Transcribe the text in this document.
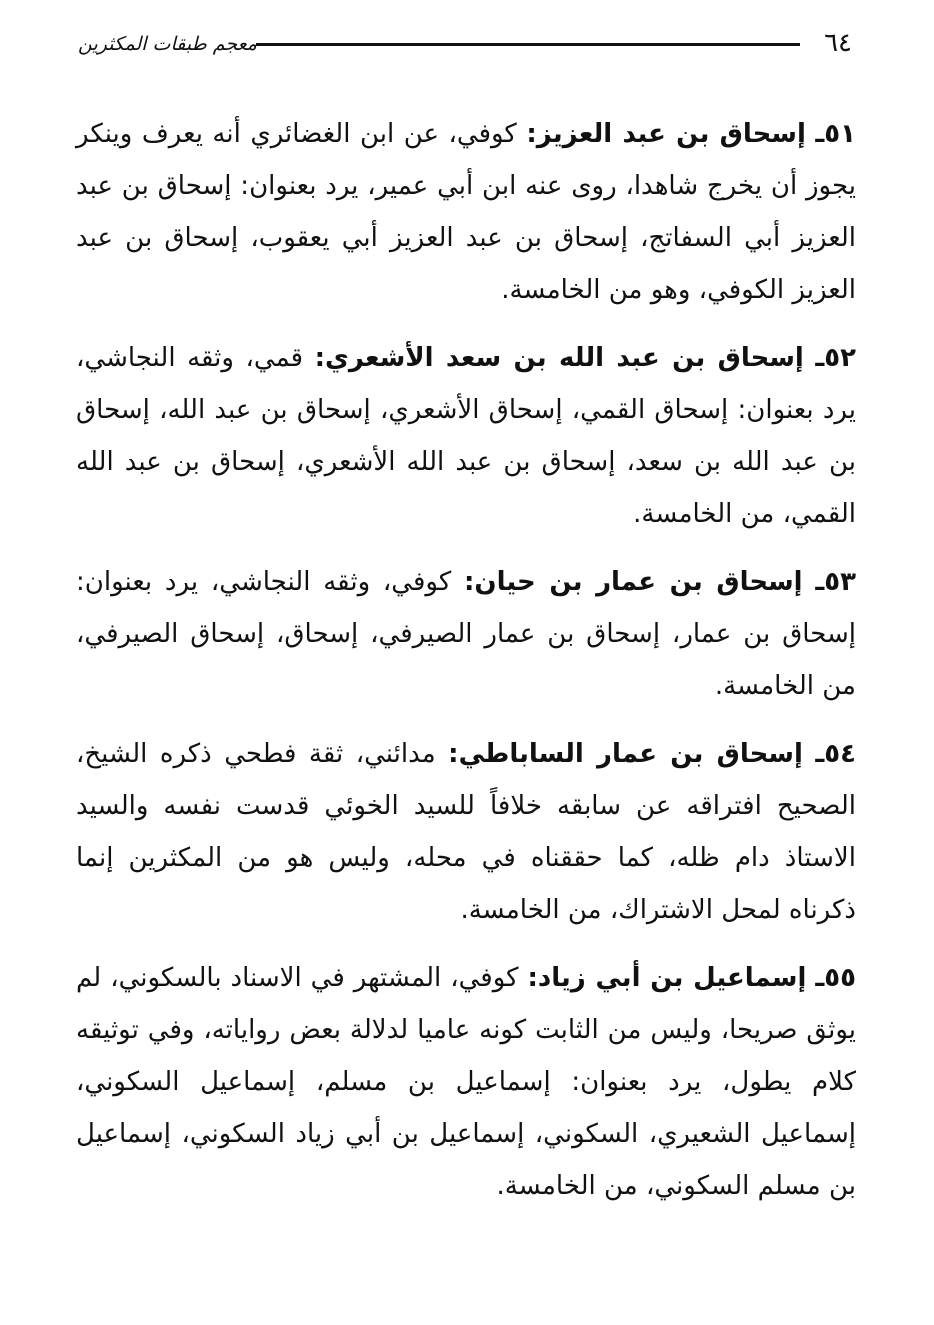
٦٤
معجم طبقات المكثرين

٥١ـ إسحاق بن عبد العزيز: كوفي، عن ابن الغضائري أنه يعرف وينكر يجوز أن يخرج شاهدا، روى عنه ابن أبي عمير، يرد بعنوان: إسحاق بن عبد العزيز أبي السفاتج، إسحاق بن عبد العزيز أبي يعقوب، إسحاق بن عبد العزيز الكوفي، وهو من الخامسة.

٥٢ـ إسحاق بن عبد الله بن سعد الأشعري: قمي، وثقه النجاشي، يرد بعنوان: إسحاق القمي، إسحاق الأشعري، إسحاق بن عبد الله، إسحاق بن عبد الله بن سعد، إسحاق بن عبد الله الأشعري، إسحاق بن عبد الله القمي، من الخامسة.

٥٣ـ إسحاق بن عمار بن حيان: كوفي، وثقه النجاشي، يرد بعنوان: إسحاق بن عمار، إسحاق بن عمار الصيرفي، إسحاق، إسحاق الصيرفي، من الخامسة.

٥٤ـ إسحاق بن عمار الساباطي: مدائني، ثقة فطحي ذكره الشيخ، الصحيح افتراقه عن سابقه خلافاً للسيد الخوئي قدست نفسه والسيد الاستاذ دام ظله، كما حققناه في محله، وليس هو من المكثرين إنما ذكرناه لمحل الاشتراك، من الخامسة.

٥٥ـ إسماعيل بن أبي زياد: كوفي، المشتهر في الاسناد بالسكوني، لم يوثق صريحا، وليس من الثابت كونه عاميا لدلالة بعض رواياته، وفي توثيقه كلام يطول، يرد بعنوان: إسماعيل بن مسلم، إسماعيل السكوني، إسماعيل الشعيري، السكوني، إسماعيل بن أبي زياد السكوني، إسماعيل بن مسلم السكوني، من الخامسة.
